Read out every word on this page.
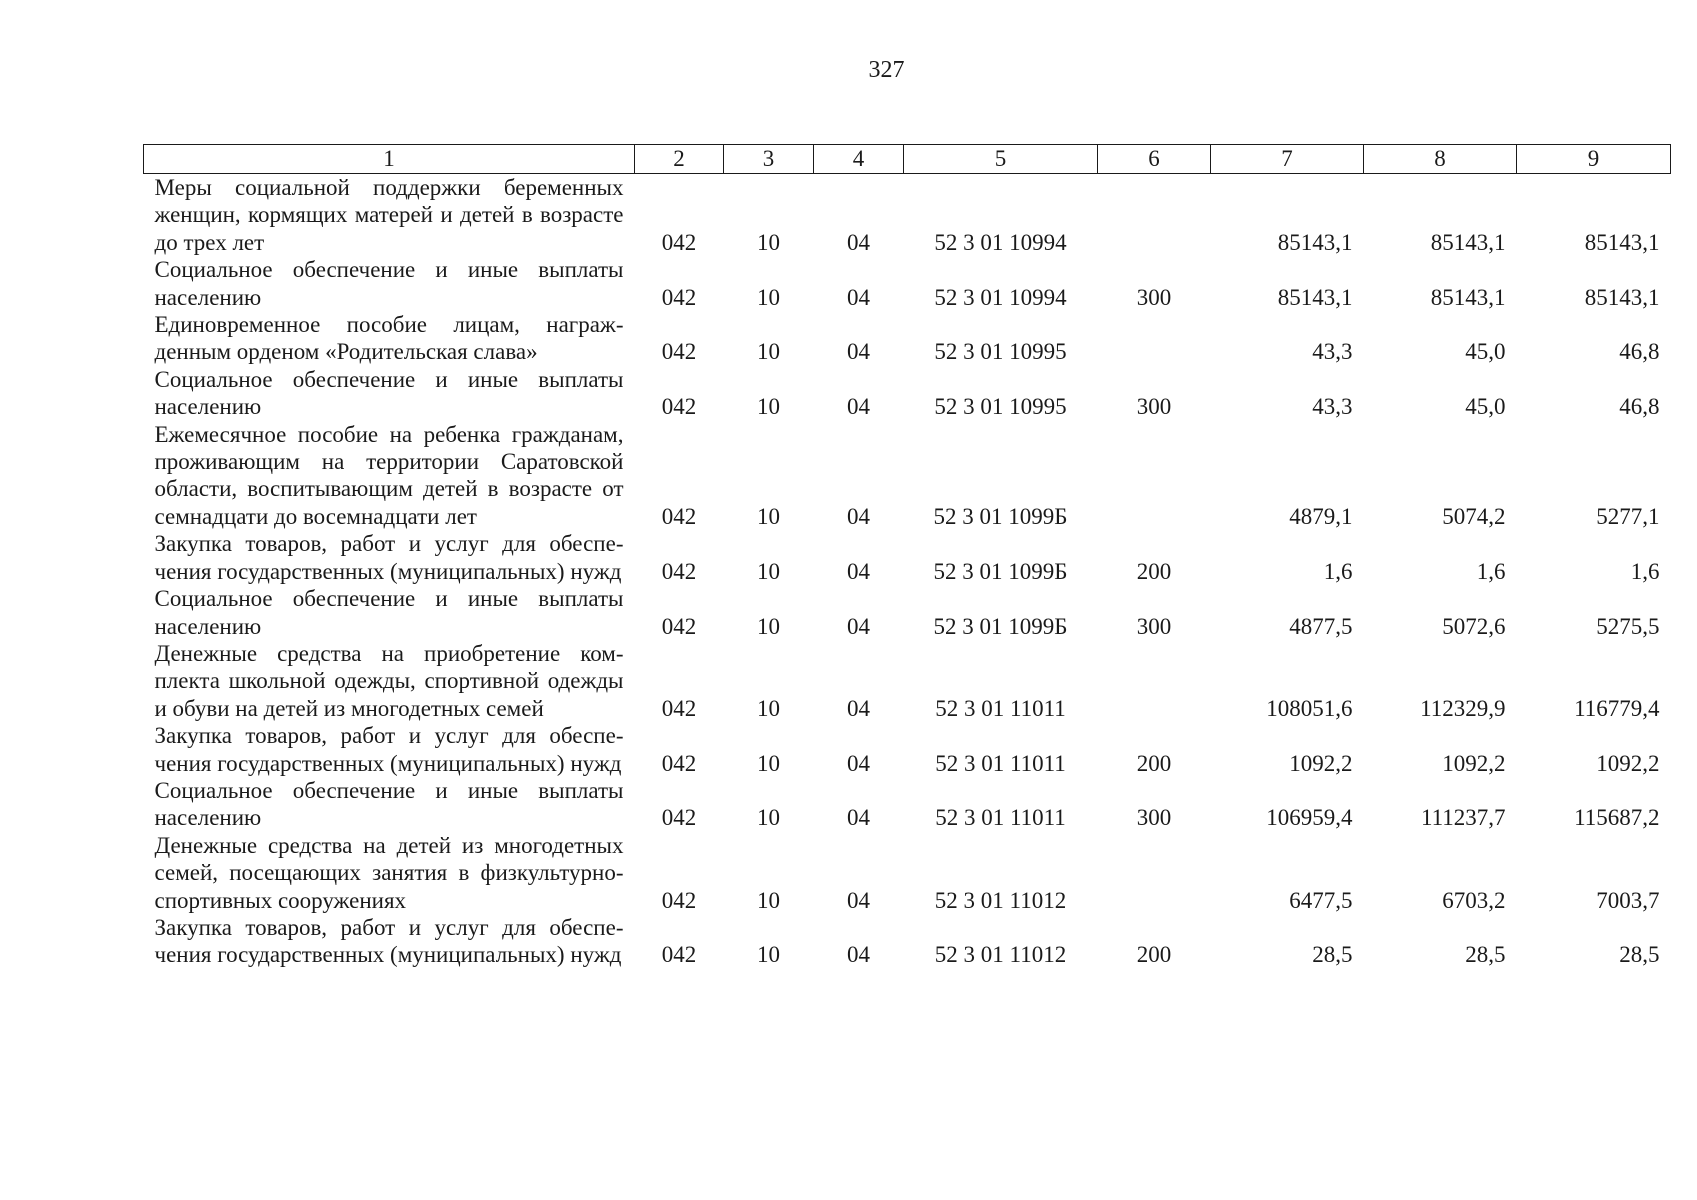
327
1	2	3	4	5	6	7	8	9
Меры социальной поддержки беременных женщин, кормящих матерей и детей в возрасте до трех лет	042	10	04	52 3 01 10994		85143,1	85143,1	85143,1
Социальное обеспечение и иные выплаты населению	042	10	04	52 3 01 10994	300	85143,1	85143,1	85143,1
Единовременное пособие лицам, награжденным орденом «Родительская слава»	042	10	04	52 3 01 10995		43,3	45,0	46,8
Социальное обеспечение и иные выплаты населению	042	10	04	52 3 01 10995	300	43,3	45,0	46,8
Ежемесячное пособие на ребенка гражданам, проживающим на территории Саратовской области, воспитывающим детей в возрасте от семнадцати до восемнадцати лет	042	10	04	52 3 01 1099Б		4879,1	5074,2	5277,1
Закупка товаров, работ и услуг для обеспечения государственных (муниципальных) нужд	042	10	04	52 3 01 1099Б	200	1,6	1,6	1,6
Социальное обеспечение и иные выплаты населению	042	10	04	52 3 01 1099Б	300	4877,5	5072,6	5275,5
Денежные средства на приобретение комплекта школьной одежды, спортивной одежды и обуви на детей из многодетных семей	042	10	04	52 3 01 11011		108051,6	112329,9	116779,4
Закупка товаров, работ и услуг для обеспечения государственных (муниципальных) нужд	042	10	04	52 3 01 11011	200	1092,2	1092,2	1092,2
Социальное обеспечение и иные выплаты населению	042	10	04	52 3 01 11011	300	106959,4	111237,7	115687,2
Денежные средства на детей из многодетных семей, посещающих занятия в физкультурно-спортивных сооружениях	042	10	04	52 3 01 11012		6477,5	6703,2	7003,7
Закупка товаров, работ и услуг для обеспечения государственных (муниципальных) нужд	042	10	04	52 3 01 11012	200	28,5	28,5	28,5
